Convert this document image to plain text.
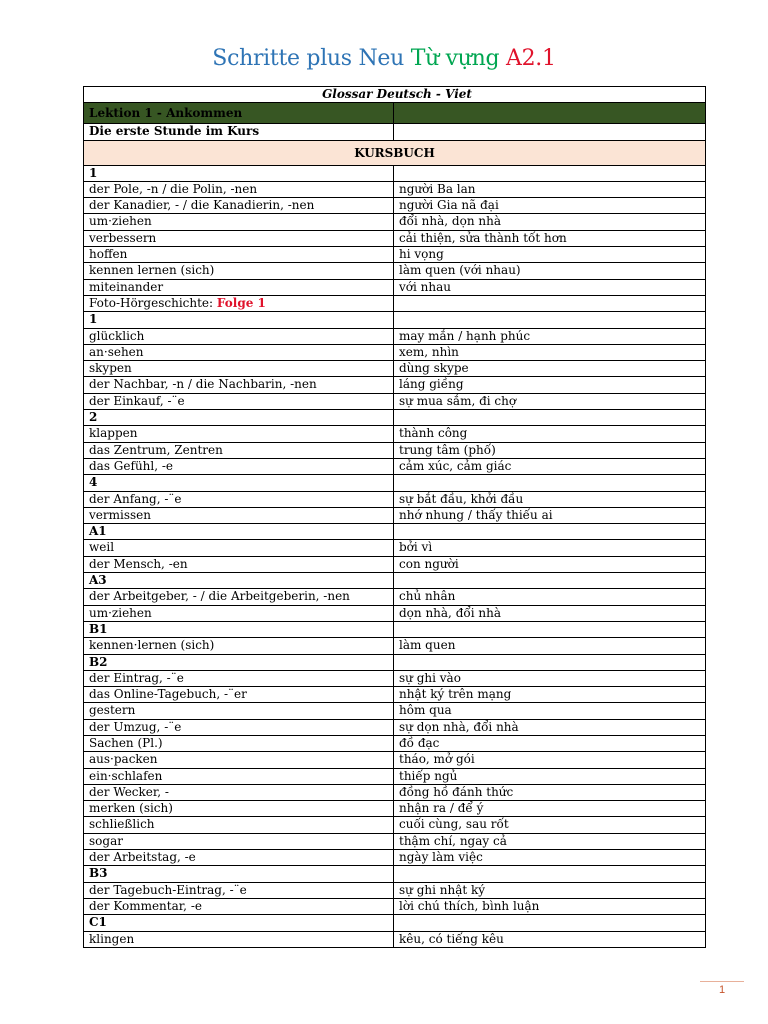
Schritte plus Neu Từ vựng A2.1
Glossar Deutsch - Viet	
Lektion 1 - Ankommen	
Die erste Stunde im Kurs	
KURSBUCH	
1	
der Pole, -n / die Polin, -nen	người Ba lan
der Kanadier, - / die Kanadierin, -nen	người Gia nã đại
um·ziehen	đổi nhà, dọn nhà
verbessern	cải thiện, sửa thành tốt hơn
hoffen	hi vọng
kennen lernen (sich)	làm quen (với nhau)
miteinander	với nhau
Foto-Hörgeschichte: Folge 1	
1	
glücklich	may mắn / hạnh phúc
an·sehen	xem, nhìn
skypen	dùng skype
der Nachbar, -n / die Nachbarin, -nen	láng giềng
der Einkauf, -¨e	sự mua sắm, đi chợ
2	
klappen	thành công
das Zentrum, Zentren	trung tâm (phố)
das Gefühl, -e	cảm xúc, cảm giác
4	
der Anfang, -¨e	sự bắt đầu, khởi đầu
vermissen	nhớ nhung / thấy thiếu ai
A1	
weil	bởi vì
der Mensch, -en	con người
A3	
der Arbeitgeber, - / die Arbeitgeberin, -nen	chủ nhân
um·ziehen	dọn nhà, đổi nhà
B1	
kennen·lernen (sich)	làm quen
B2	
der Eintrag, -¨e	sự ghi vào
das Online-Tagebuch, -¨er	nhật ký trên mạng
gestern	hôm qua
der Umzug, -¨e	sự dọn nhà, đổi nhà
Sachen (Pl.)	đồ đạc
aus·packen	tháo, mở gói
ein·schlafen	thiếp ngủ
der Wecker, -	đồng hồ đánh thức
merken (sich)	nhận ra / để ý
schließlich	cuối cùng, sau rốt
sogar	thậm chí, ngay cả
der Arbeitstag, -e	ngày làm việc
B3	
der Tagebuch-Eintrag, -¨e	sự ghi nhật ký
der Kommentar, -e	lời chú thích, bình luận
C1	
klingen	kêu, có tiếng kêu
1
